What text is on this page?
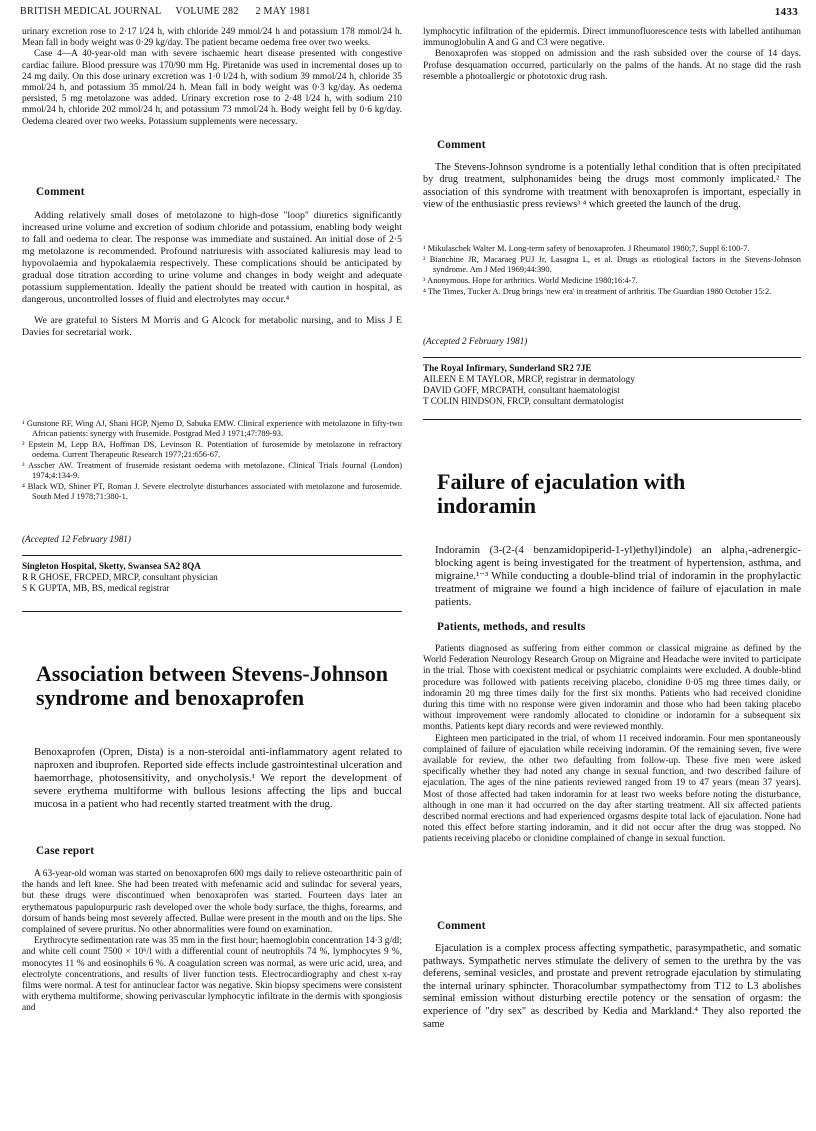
BRITISH MEDICAL JOURNAL VOLUME 282 2 MAY 1981	1433

urinary excretion rose to 2·17 l/24 h, with chloride 249 mmol/24 h and potassium 178 mmol/24 h. Mean fall in body weight was 0·29 kg/day. The patient became oedema free over two weeks.

Case 4—A 40-year-old man with severe ischaemic heart disease presented with congestive cardiac failure. Blood pressure was 170/90 mm Hg. Piretanide was used in incremental doses up to 24 mg daily. On this dose urinary excretion was 1·0 l/24 h, with sodium 39 mmol/24 h, chloride 35 mmol/24 h, and potassium 35 mmol/24 h. Mean fall in body weight was 0·3 kg/day. As oedema persisted, 5 mg metolazone was added. Urinary excretion rose to 2·48 l/24 h, with sodium 210 mmol/24 h, chloride 202 mmol/24 h, and potassium 73 mmol/24 h. Body weight fell by 0·6 kg/day. Oedema cleared over two weeks. Potassium supplements were necessary.

Comment

Adding relatively small doses of metolazone to high-dose "loop" diuretics significantly increased urine volume and excretion of sodium chloride and potassium, enabling body weight to fall and oedema to clear. The response was immediate and sustained. An initial dose of 2·5 mg metolazone is recommended. Profound natriuresis with associated kaliuresis may lead to hypovolaemia and hypokalaemia respectively. These complications should be anticipated by gradual dose titration according to urine volume and changes in body weight and adequate potassium supplementation. Ideally the patient should be treated with caution in hospital, as dangerous, uncontrolled losses of fluid and electrolytes may occur.⁴

We are grateful to Sisters M Morris and G Alcock for metabolic nursing, and to Miss J E Davies for secretarial work.

¹ Gunstone RF, Wing AJ, Shani HGP, Njemo D, Sabuka EMW. Clinical experience with metolazone in fifty-two African patients: synergy with frusemide. Postgrad Med J 1971;47:789-93.
² Epstein M, Lepp BA, Hoffman DS, Levinson R. Potentiation of furosemide by metolazone in refractory oedema. Current Therapeutic Research 1977;21:656-67.
³ Asscher AW. Treatment of frusemide resistant oedema with metolazone. Clinical Trials Journal (London) 1974;4:134-9.
⁴ Black WD, Shiner PT, Roman J. Severe electrolyte disturbances associated with metolazone and furosemide. South Med J 1978;71:380-1.
(Accepted 12 February 1981)
Singleton Hospital, Sketty, Swansea SA2 8QA
R R GHOSE, FRCPED, MRCP, consultant physician
S K GUPTA, MB, BS, medical registrar
Association between Stevens-Johnson syndrome and benoxaprofen
Benoxaprofen (Opren, Dista) is a non-steroidal anti-inflammatory agent related to naproxen and ibuprofen. Reported side effects include gastrointestinal ulceration and haemorrhage, photosensitivity, and onycholysis.¹ We report the development of severe erythema multiforme with bullous lesions affecting the lips and buccal mucosa in a patient who had recently started treatment with the drug.
Case report

A 63-year-old woman was started on benoxaprofen 600 mgs daily to relieve osteoarthritic pain of the hands and left knee. She had been treated with mefenamic acid and sulindac for several years, but these drugs were discontinued when benoxaprofen was started. Fourteen days later an erythematous papulopurpuric rash developed over the whole body surface, the thighs, forearms, and dorsum of hands being most severely affected. Bullae were present in the mouth and on the lips. She complained of severe pruritus. No other abnormalities were found on examination.

Erythrocyte sedimentation rate was 35 mm in the first hour; haemoglobin concentration 14·3 g/dl; and white cell count 7500 × 10⁶/l with a differential count of neutrophils 74 %, lymphocytes 9 %, monocytes 11 % and eosinophils 6 %. A coagulation screen was normal, as were uric acid, urea, and electrolyte concentrations, and results of liver function tests. Electrocardiography and chest x-ray films were normal. A test for antinuclear factor was negative. Skin biopsy specimens were consistent with erythema multiforme, showing perivascular lymphocytic infiltrate in the dermis with spongiosis and

lymphocytic infiltration of the epidermis. Direct immunofluorescence tests with labelled antihuman immunoglobulin A and G and C3 were negative.

Benoxaprofen was stopped on admission and the rash subsided over the course of 14 days. Profuse desquamation occurred, particularly on the palms of the hands. At no stage did the rash resemble a photoallergic or phototoxic drug rash.

Comment

The Stevens-Johnson syndrome is a potentially lethal condition that is often precipitated by drug treatment, sulphonamides being the drugs most commonly implicated.² The association of this syndrome with treatment with benoxaprofen is important, especially in view of the enthusiastic press reviews³ ⁴ which greeted the launch of the drug.

¹ Mikulaschek Walter M. Long-term safety of benoxaprofen. J Rheumatol 1980;7, Suppl 6:100-7.
² Bianchine JR, Macaraeg PUJ Jr, Lasagna L, et al. Drugs as etiological factors in the Stevens-Johnson syndrome. Am J Med 1969;44:390.
³ Anonymous. Hope for arthritics. World Medicine 1980;16:4-7.
⁴ The Times, Tucker A. Drug brings 'new era' in treatment of arthritis. The Guardian 1980 October 15:2.
(Accepted 2 February 1981)
The Royal Infirmary, Sunderland SR2 7JE
AILEEN E M TAYLOR, MRCP, registrar in dermatology
DAVID GOFF, MRCPATH, consultant haematologist
T COLIN HINDSON, FRCP, consultant dermatologist
Failure of ejaculation with indoramin
Indoramin (3-(2-(4 benzamidopiperid-1-yl)ethyl)indole) an alpha₁-adrenergic-blocking agent is being investigated for the treatment of hypertension, asthma, and migraine.¹⁻³ While conducting a double-blind trial of indoramin in the prophylactic treatment of migraine we found a high incidence of failure of ejaculation in male patients.
Patients, methods, and results

Patients diagnosed as suffering from either common or classical migraine as defined by the World Federation Neurology Research Group on Migraine and Headache were invited to participate in the trial. Those with coexistent medical or psychiatric complaints were excluded. A double-blind procedure was followed with patients receiving placebo, clonidine 0·05 mg three times daily, or indoramin 20 mg three times daily for the first six months. Patients who had received clonidine during this time with no response were given indoramin and those who had been taking placebo without improvement were randomly allocated to clonidine or indoramin for a subsequent six months. Patients kept diary records and were reviewed monthly.

Eighteen men participated in the trial, of whom 11 received indoramin. Four men spontaneously complained of failure of ejaculation while receiving indoramin. Of the remaining seven, five were available for review, the other two defaulting from follow-up. These five men were asked specifically whether they had noted any change in sexual function, and two described failure of ejaculation. The ages of the nine patients reviewed ranged from 19 to 47 years (mean 37 years). Most of those affected had taken indoramin for at least two weeks before noting the disturbance, although in one man it had occurred on the day after starting treatment. All six affected patients described normal erections and had experienced orgasms despite total lack of ejaculation. None had noted this effect before starting indoramin, and it did not occur after the drug was stopped. No patients receiving placebo or clonidine complained of change in sexual function.

Comment

Ejaculation is a complex process affecting sympathetic, parasympathetic, and somatic pathways. Sympathetic nerves stimulate the delivery of semen to the urethra by the vas deferens, seminal vesicles, and prostate and prevent retrograde ejaculation by stimulating the internal urinary sphincter. Thoracolumbar sympathectomy from T12 to L3 abolishes seminal emission without disturbing erectile potency or the sensation of orgasm: the experience of "dry sex" as described by Kedia and Markland.⁴ They also reported the same
